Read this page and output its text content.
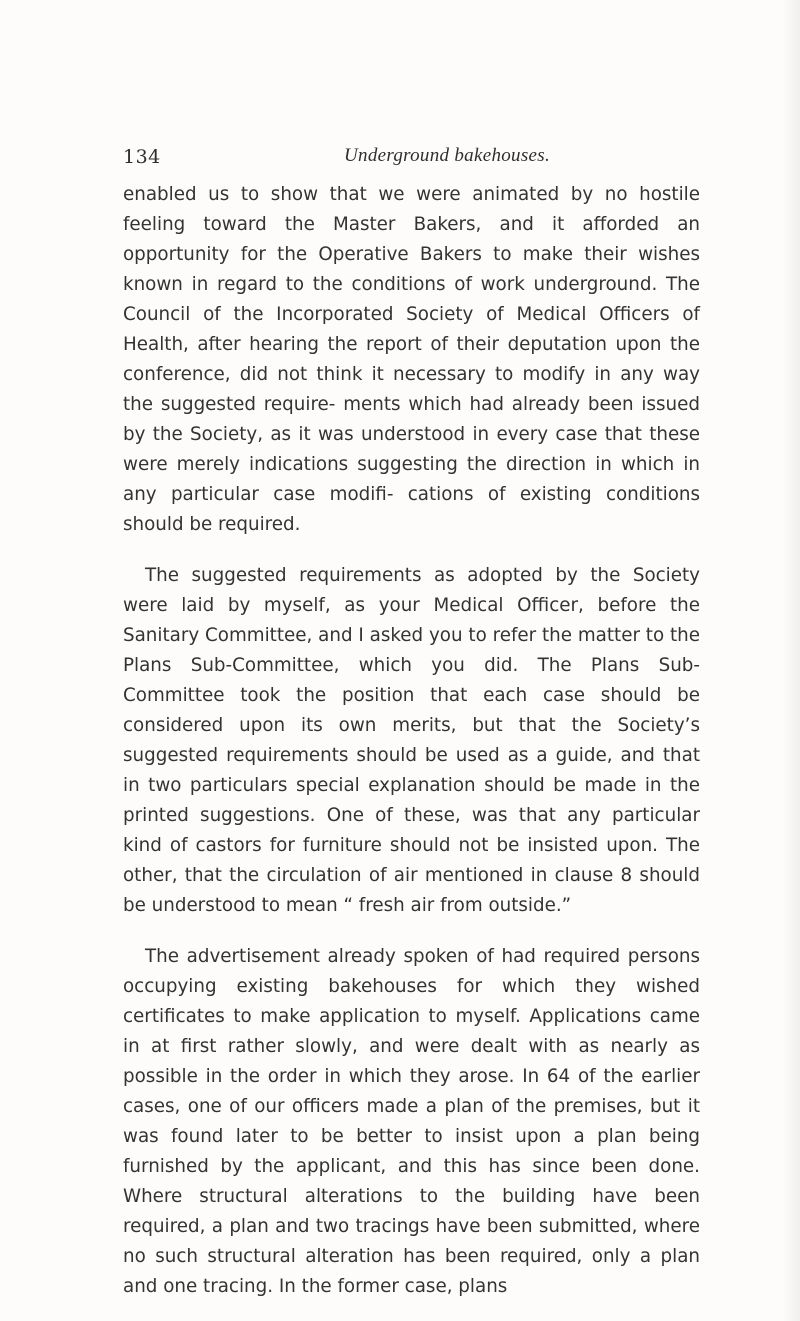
134	Underground bakehouses.

enabled us to show that we were animated by no hostile feeling toward the Master Bakers, and it afforded an opportunity for the Operative Bakers to make their wishes known in regard to the conditions of work underground. The Council of the Incorporated Society of Medical Officers of Health, after hearing the report of their deputation upon the conference, did not think it necessary to modify in any way the suggested require- ments which had already been issued by the Society, as it was understood in every case that these were merely indications suggesting the direction in which in any particular case modifi- cations of existing conditions should be required.

The suggested requirements as adopted by the Society were laid by myself, as your Medical Officer, before the Sanitary Committee, and I asked you to refer the matter to the Plans Sub-Committee, which you did. The Plans Sub-Committee took the position that each case should be considered upon its own merits, but that the Society’s suggested requirements should be used as a guide, and that in two particulars special explanation should be made in the printed suggestions. One of these, was that any particular kind of castors for furniture should not be insisted upon. The other, that the circulation of air mentioned in clause 8 should be understood to mean “ fresh air from outside.”

The advertisement already spoken of had required persons occupying existing bakehouses for which they wished certificates to make application to myself. Applications came in at first rather slowly, and were dealt with as nearly as possible in the order in which they arose. In 64 of the earlier cases, one of our officers made a plan of the premises, but it was found later to be better to insist upon a plan being furnished by the applicant, and this has since been done. Where structural alterations to the building have been required, a plan and two tracings have been submitted, where no such structural alteration has been required, only a plan and one tracing. In the former case, plans
